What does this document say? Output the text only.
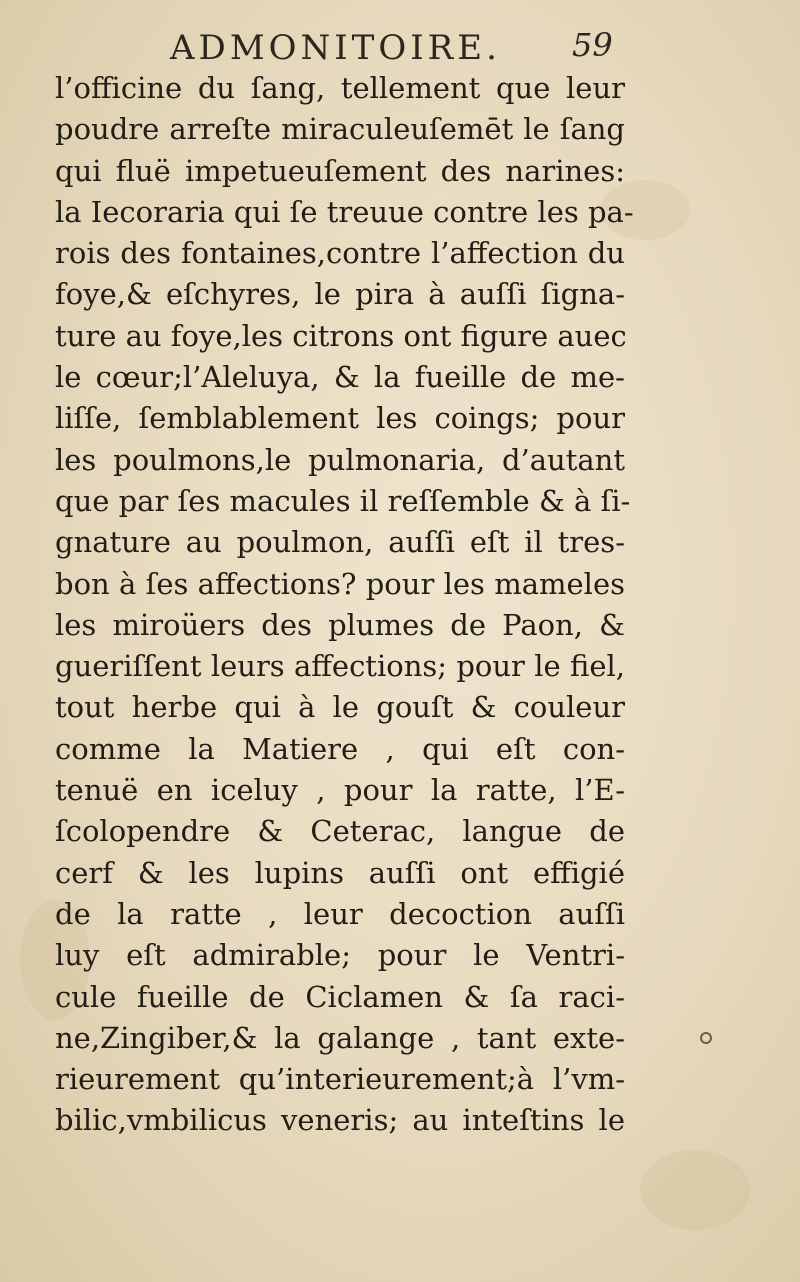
ADMONITOIRE. 59
l’officine du ſang, tellement que leur
poudre arreſte miraculeuſemēt le ſang
qui fluë impetueuſement des narines:
la Iecoraria qui ſe treuue contre les pa-
rois des fontaines,contre l’affection du
foye,& eſchyres, le pira à auſſi ſigna-
ture au foye,les citrons ont figure auec
le cœur;l’Aleluya, & la fueille de me-
liſſe, ſemblablement les coings; pour
les poulmons,le pulmonaria, d’autant
que par ſes macules il reſſemble & à ſi-
gnature au poulmon, auſſi eſt il tres-
bon à ſes affections? pour les mameles
les miroüers des plumes de Paon, &
gueriſſent leurs affections; pour le fiel,
tout herbe qui à le gouſt & couleur
comme la Matiere , qui eſt con-
tenuë en iceluy , pour la ratte, l’E-
ſcolopendre & Ceterac, langue de
cerf & les lupins auſſi ont effigié
de la ratte , leur decoction auſſi
luy eſt admirable; pour le Ventri-
cule fueille de Ciclamen & ſa raci-
ne,Zingiber,& la galange , tant exte-
rieurement qu’interieurement;à l’vm-
bilic,vmbilicus veneris; au inteſtins le
